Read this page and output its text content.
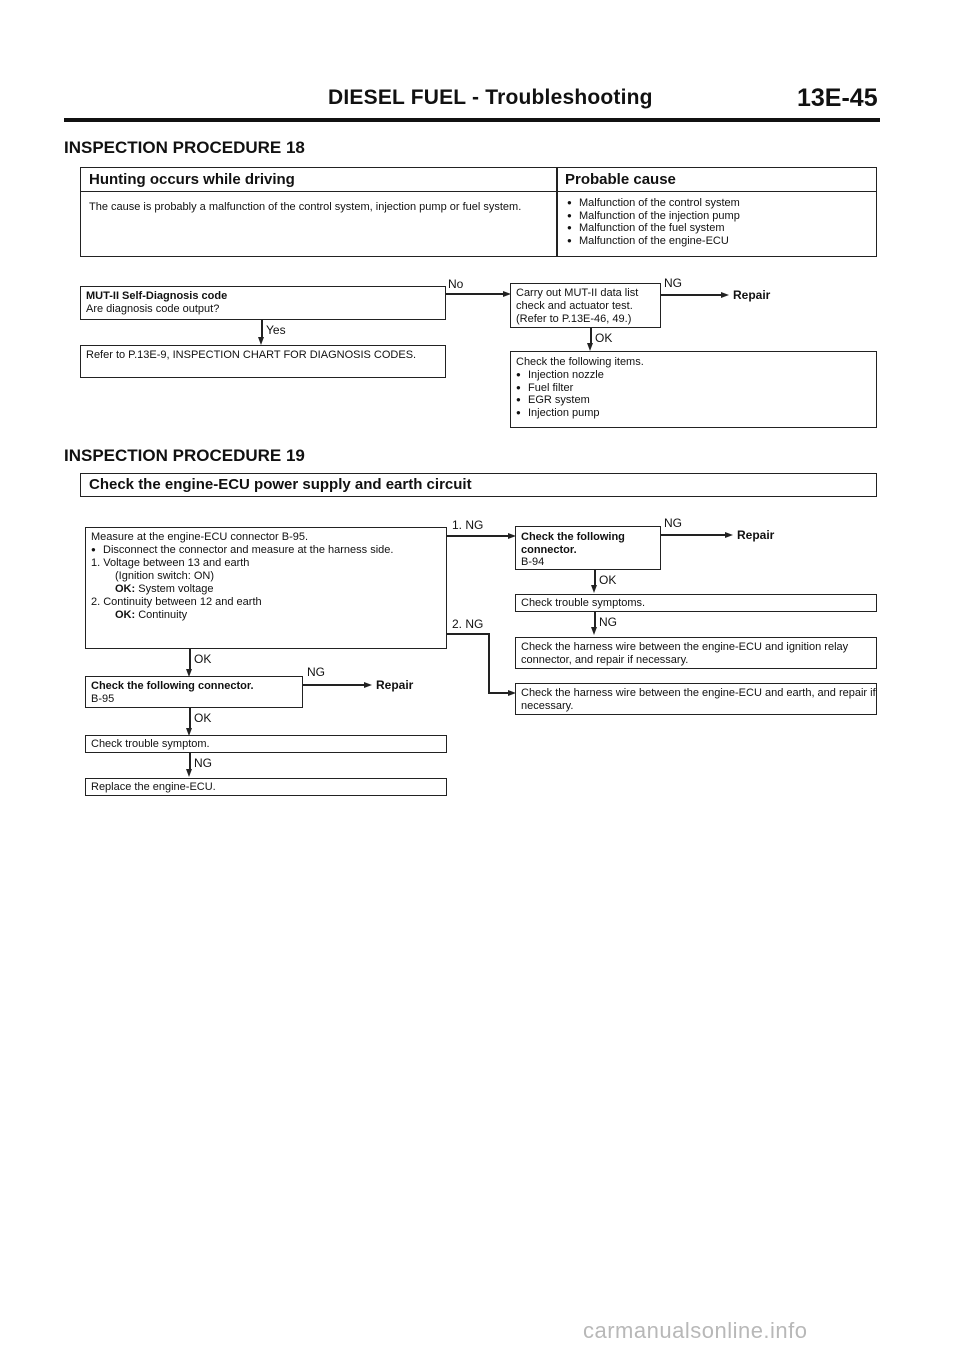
DIESEL FUEL - Troubleshooting	13E-45
INSPECTION PROCEDURE 18
Hunting occurs while driving	Probable cause
The cause is probably a malfunction of the control system, injection pump or fuel system.
●	Malfunction of the control system
● Malfunction of the injection pump
● Malfunction of the fuel system
● Malfunction of the engine-ECU
MUT-II Self-Diagnosis code
Are diagnosis code output?
No
Yes
Refer to P.13E-9, INSPECTION CHART FOR DIAGNOSIS CODES.
Carry out MUT-II data list
check and actuator test.
(Refer to P.13E-46, 49.)
NG
Repair
OK
Check the following items.
● Injection nozzle
● Fuel filter
● EGR system
● Injection pump
INSPECTION PROCEDURE 19
Check the engine-ECU power supply and earth circuit
Measure at the engine-ECU connector B-95.
● Disconnect the connector and measure at the harness side.
1. Voltage between 13 and earth
(Ignition switch: ON)
OK: System voltage
2. Continuity between 12 and earth
OK: Continuity
1. NG
2. NG
Check the following connector.
B-94
NG
Repair
OK
Check trouble symptoms.
NG
Check the harness wire between the engine-ECU and ignition relay connector, and repair if necessary.
Check the harness wire between the engine-ECU and earth, and repair if necessary.
OK
Check the following connector.
B-95
NG
Repair
OK
Check trouble symptom.
NG
Replace the engine-ECU.
carmanualsonline.info
